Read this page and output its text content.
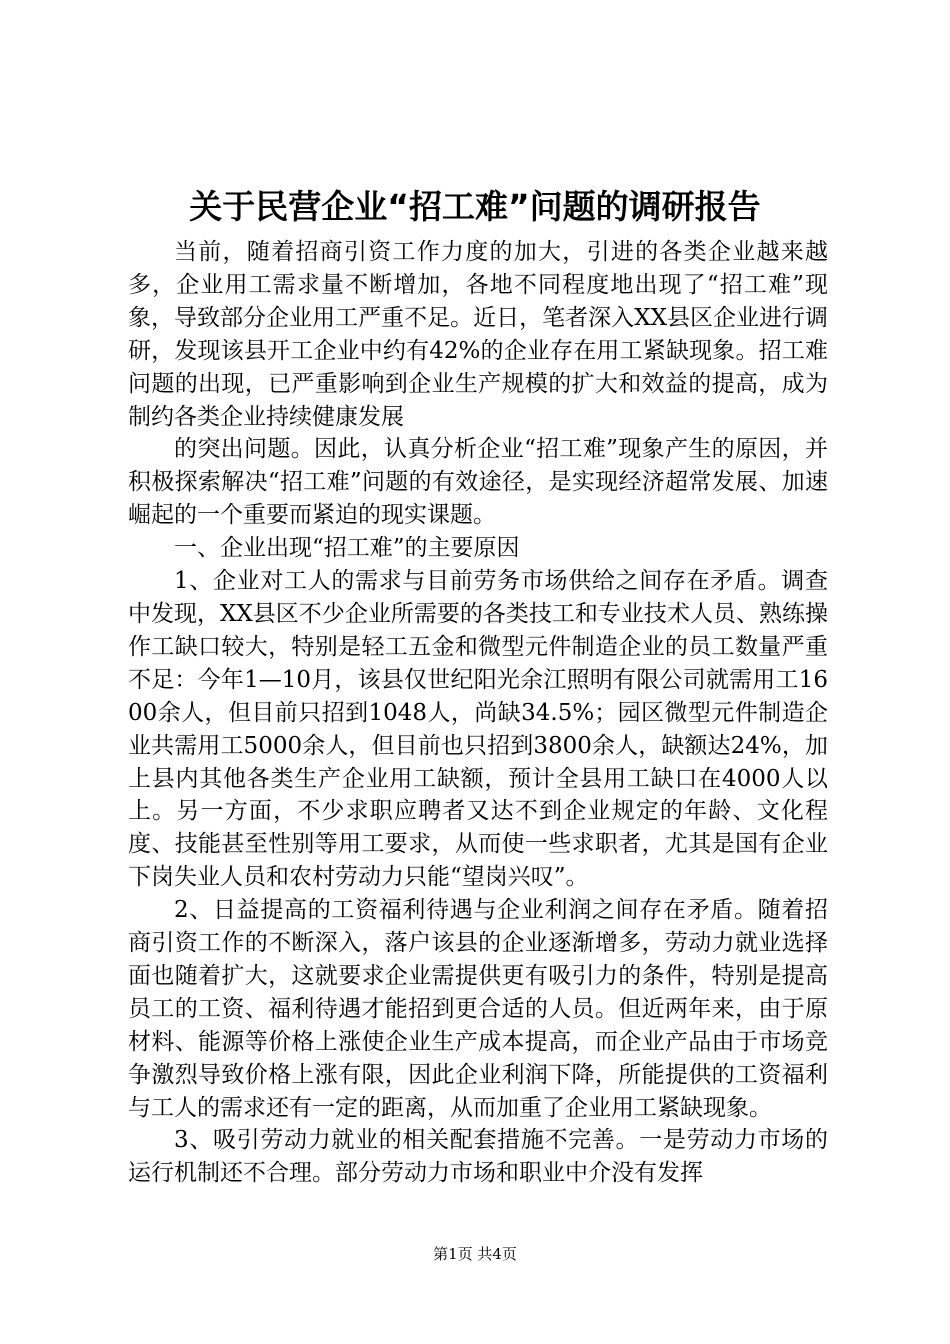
关于民营企业“招工难”问题的调研报告

当前，随着招商引资工作力度的加大，引进的各类企业越来越多，企业用工需求量不断增加，各地不同程度地出现了“招工难”现象，导致部分企业用工严重不足。近日，笔者深入XX县区企业进行调研，发现该县开工企业中约有42%的企业存在用工紧缺现象。招工难问题的出现，已严重影响到企业生产规模的扩大和效益的提高，成为制约各类企业持续健康发展

的突出问题。因此，认真分析企业“招工难”现象产生的原因，并积极探索解决“招工难”问题的有效途径，是实现经济超常发展、加速崛起的一个重要而紧迫的现实课题。

一、企业出现“招工难”的主要原因

1、企业对工人的需求与目前劳务市场供给之间存在矛盾。调查中发现，XX县区不少企业所需要的各类技工和专业技术人员、熟练操作工缺口较大，特别是轻工五金和微型元件制造企业的员工数量严重不足：今年1—10月，该县仅世纪阳光余江照明有限公司就需用工1600余人，但目前只招到1048人，尚缺34.5%；园区微型元件制造企业共需用工5000余人，但目前也只招到3800余人，缺额达24%，加上县内其他各类生产企业用工缺额，预计全县用工缺口在4000人以上。另一方面，不少求职应聘者又达不到企业规定的年龄、文化程度、技能甚至性别等用工要求，从而使一些求职者，尤其是国有企业下岗失业人员和农村劳动力只能“望岗兴叹”。

2、日益提高的工资福利待遇与企业利润之间存在矛盾。随着招商引资工作的不断深入，落户该县的企业逐渐增多，劳动力就业选择面也随着扩大，这就要求企业需提供更有吸引力的条件，特别是提高员工的工资、福利待遇才能招到更合适的人员。但近两年来，由于原材料、能源等价格上涨使企业生产成本提高，而企业产品由于市场竞争激烈导致价格上涨有限，因此企业利润下降，所能提供的工资福利与工人的需求还有一定的距离，从而加重了企业用工紧缺现象。

3、吸引劳动力就业的相关配套措施不完善。一是劳动力市场的运行机制还不合理。部分劳动力市场和职业中介没有发挥

第1页 共4页
